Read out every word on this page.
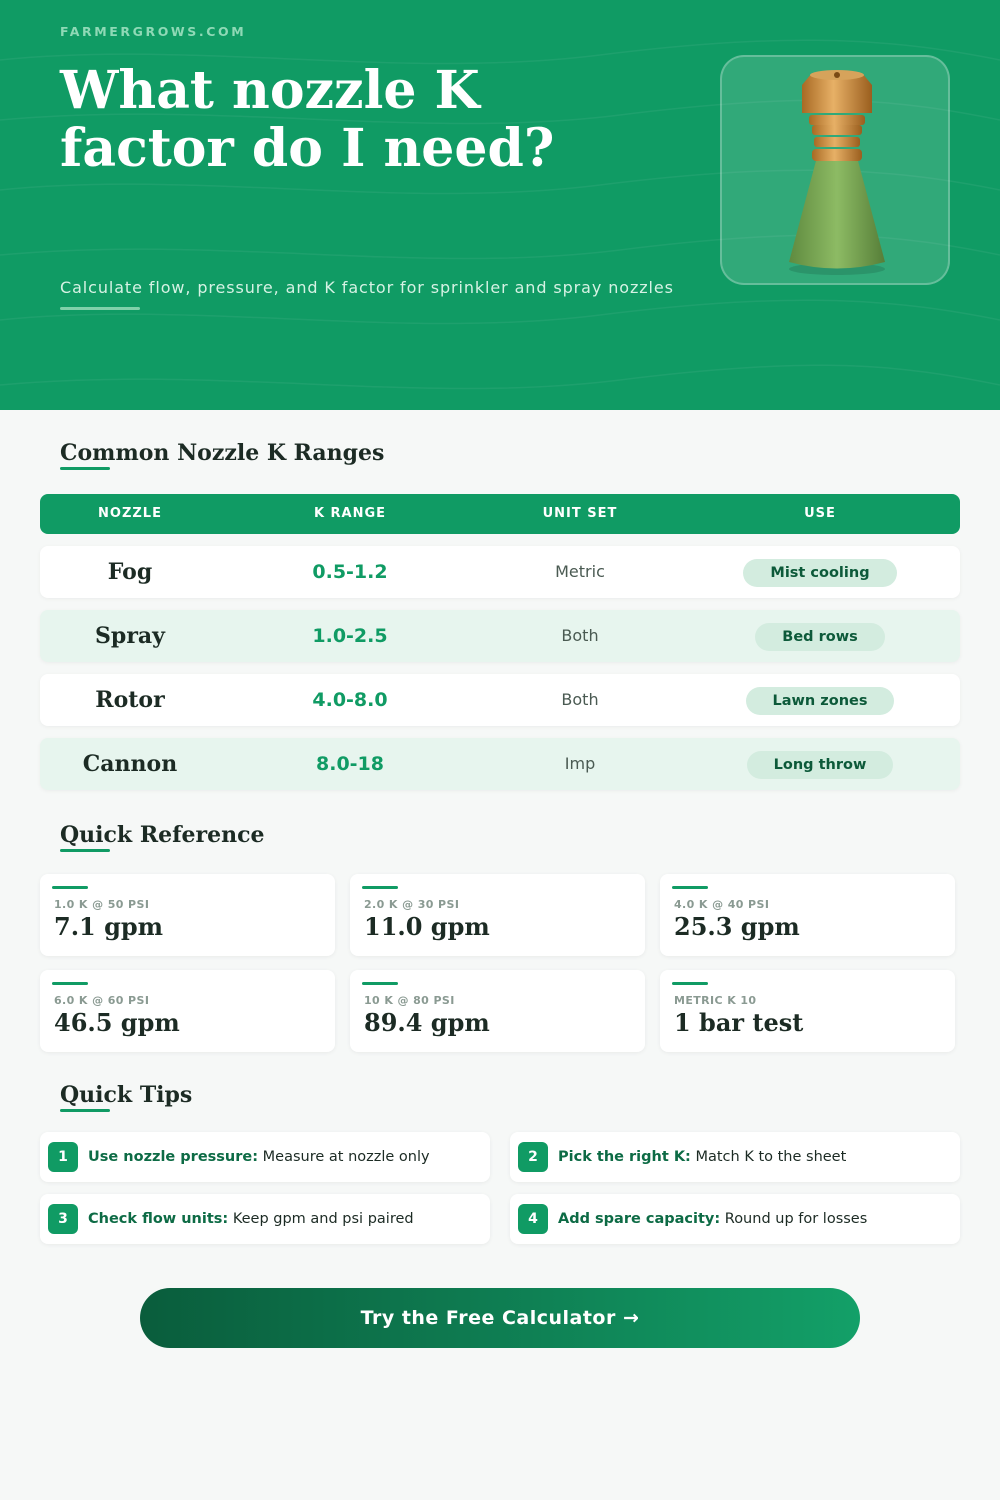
FARMERGROWS.COM
What nozzle K factor do I need?
Calculate flow, pressure, and K factor for sprinkler and spray nozzles
Common Nozzle K Ranges
NOZZLE	K RANGE	UNIT SET	USE
Fog	0.5-1.2	Metric	Mist cooling
Spray	1.0-2.5	Both	Bed rows
Rotor	4.0-8.0	Both	Lawn zones
Cannon	8.0-18	Imp	Long throw
Quick Reference
1.0 K @ 50 PSI
7.1 gpm
2.0 K @ 30 PSI
11.0 gpm
4.0 K @ 40 PSI
25.3 gpm
6.0 K @ 60 PSI
46.5 gpm
10 K @ 80 PSI
89.4 gpm
METRIC K 10
1 bar test
Quick Tips
1	Use nozzle pressure: Measure at nozzle only	2	Pick the right K: Match K to the sheet
3	Check flow units: Keep gpm and psi paired	4	Add spare capacity: Round up for losses
Try the Free Calculator →
